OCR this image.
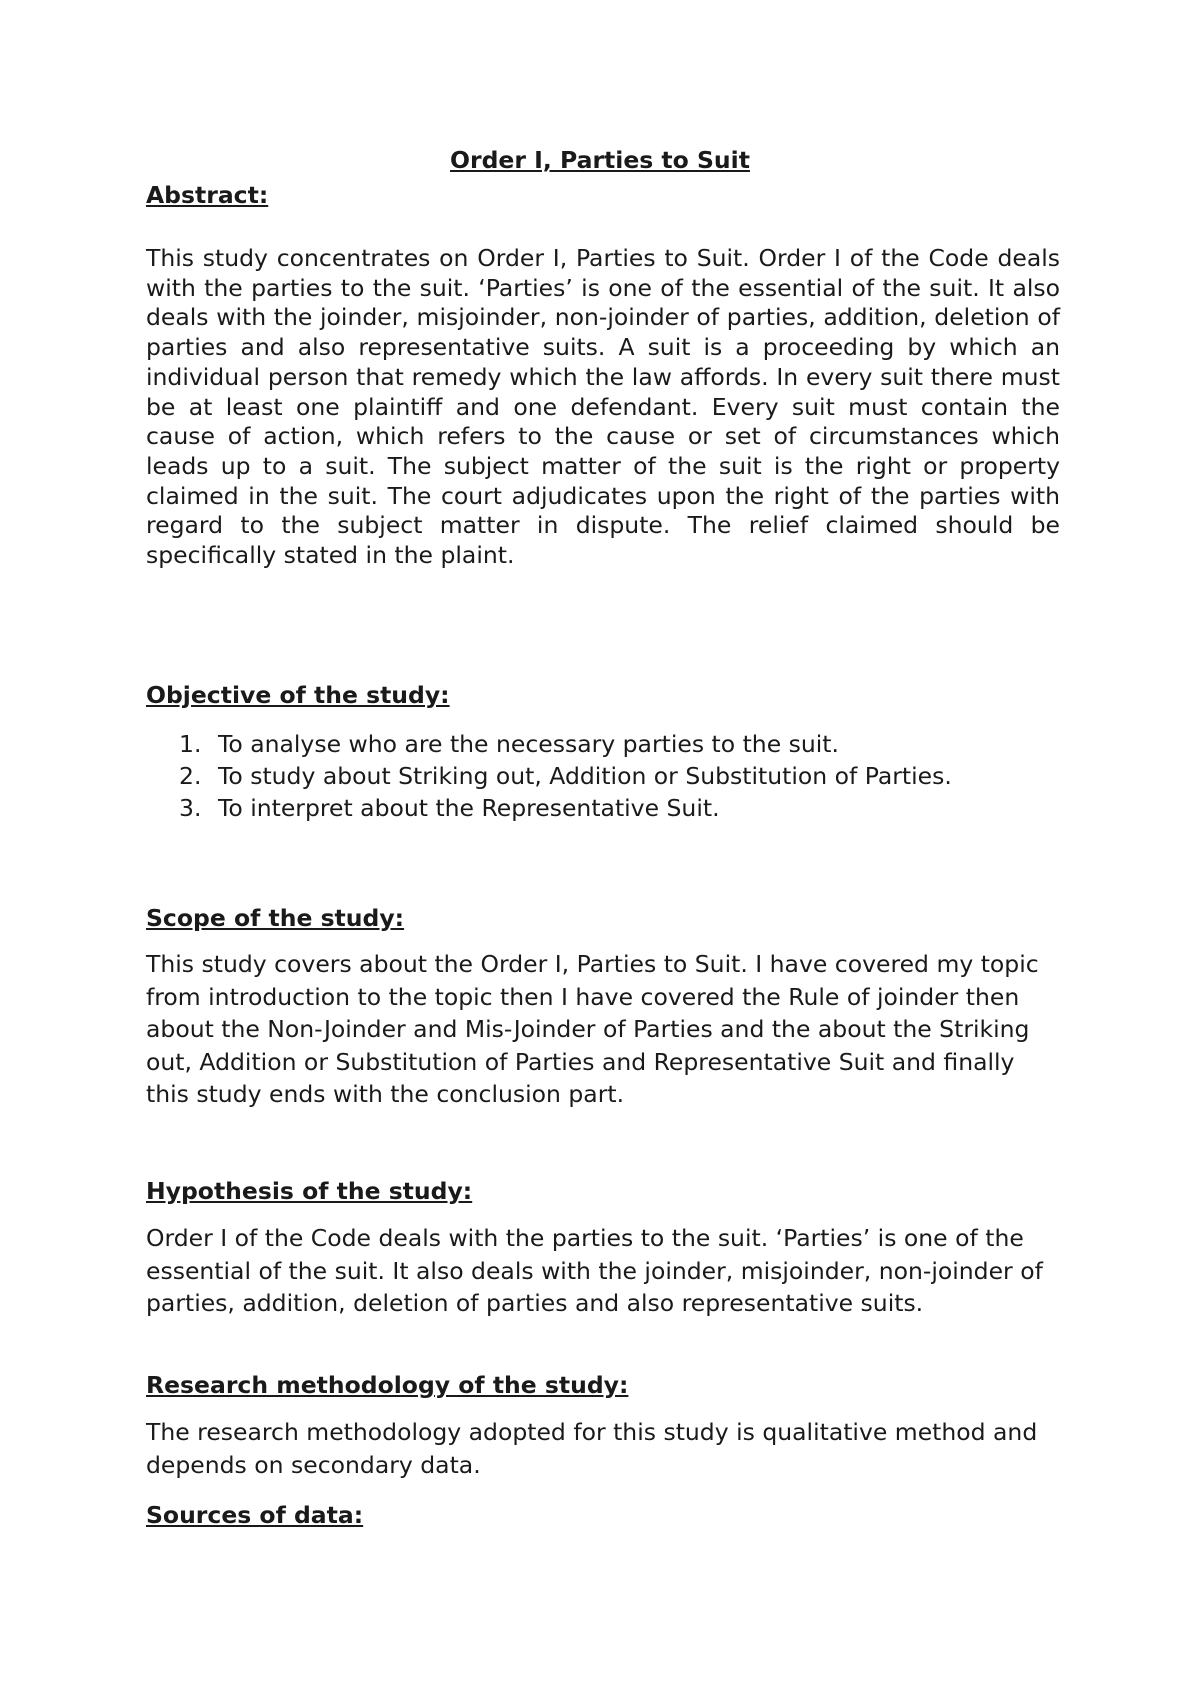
Order I, Parties to Suit
Abstract:

This study concentrates on Order I, Parties to Suit. Order I of the Code deals with the parties to the suit. ‘Parties’ is one of the essential of the suit. It also deals with the joinder, misjoinder, non-joinder of parties, addition, deletion of parties and also representative suits. A suit is a proceeding by which an individual person that remedy which the law affords. In every suit there must be at least one plaintiff and one defendant. Every suit must contain the cause of action, which refers to the cause or set of circumstances which leads up to a suit. The subject matter of the suit is the right or property claimed in the suit. The court adjudicates upon the right of the parties with regard to the subject matter in dispute. The relief claimed should be specifically stated in the plaint.

Objective of the study:
1. To analyse who are the necessary parties to the suit.
2. To study about Striking out, Addition or Substitution of Parties.
3. To interpret about the Representative Suit.
Scope of the study:

This study covers about the Order I, Parties to Suit. I have covered my topic from introduction to the topic then I have covered the Rule of joinder then about the Non-Joinder and Mis-Joinder of Parties and the about the Striking out, Addition or Substitution of Parties and Representative Suit and finally this study ends with the conclusion part.

Hypothesis of the study:

Order I of the Code deals with the parties to the suit. ‘Parties’ is one of the essential of the suit. It also deals with the joinder, misjoinder, non-joinder of parties, addition, deletion of parties and also representative suits.

Research methodology of the study:

The research methodology adopted for this study is qualitative method and depends on secondary data.

Sources of data:
